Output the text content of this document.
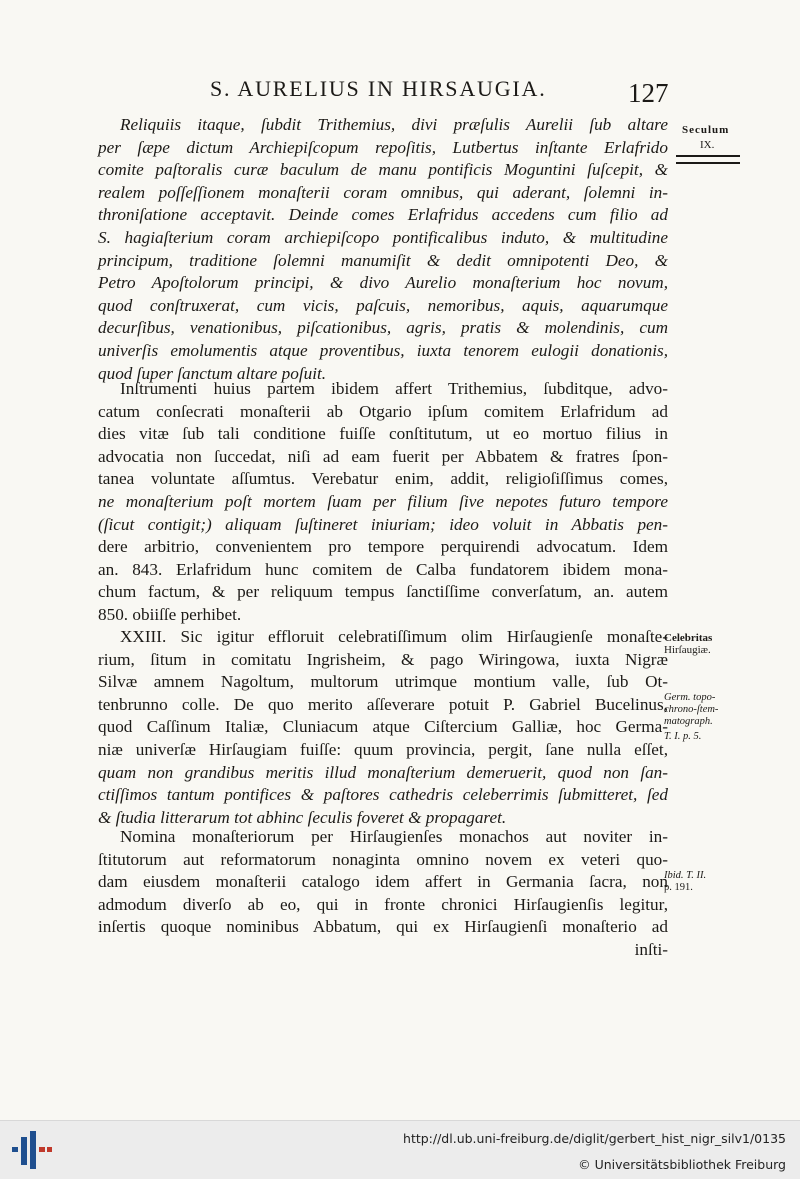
S. AURELIUS IN HIRSAUGIA.	127
Seculum
IX.
Celebritas
Hirſaugiæ.
Germ. topo-
chrono-ſtem-
matograph.
T. I. p. 5.
Ibid. T. II.
p. 191.
Reliquiis itaque, ſubdit Trithemius, divi præſulis Aurelii ſub altare
per ſæpe dictum Archiepiſcopum repoſitis, Lutbertus inſtante Erlafrido
comite paſtoralis curæ baculum de manu pontificis Moguntini ſuſcepit, &
realem poſſeſſionem monaſterii coram omnibus, qui aderant, ſolemni in-
throniſatione acceptavit. Deinde comes Erlafridus accedens cum filio ad
S. hagiaſterium coram archiepiſcopo pontificalibus induto, & multitudine
principum, traditione ſolemni manumiſit & dedit omnipotenti Deo, &
Petro Apoſtolorum principi, & divo Aurelio monaſterium hoc novum,
quod conſtruxerat, cum vicis, paſcuis, nemoribus, aquis, aquarumque
decurſibus, venationibus, piſcationibus, agris, pratis & molendinis, cum
univerſis emolumentis atque proventibus, iuxta tenorem eulogii donationis,
quod ſuper ſanctum altare poſuit.
Inſtrumenti huius partem ibidem affert Trithemius, ſubditque, advo-
catum conſecrati monaſterii ab Otgario ipſum comitem Erlafridum ad
dies vitæ ſub tali conditione fuiſſe conſtitutum, ut eo mortuo filius in
advocatia non ſuccedat, niſi ad eam fuerit per Abbatem & fratres ſpon-
tanea voluntate aſſumtus. Verebatur enim, addit, religioſiſſimus comes,
ne monaſterium poſt mortem ſuam per filium ſive nepotes futuro tempore
(ſicut contigit;) aliquam ſuſtineret iniuriam; ideo voluit in Abbatis pen-
dere arbitrio, convenientem pro tempore perquirendi advocatum. Idem
an. 843. Erlafridum hunc comitem de Calba fundatorem ibidem mona-
chum factum, & per reliquum tempus ſanctiſſime converſatum, an. autem
850. obiiſſe perhibet.
XXIII. Sic igitur effloruit celebratiſſimum olim Hirſaugienſe monaſte-
rium, ſitum in comitatu Ingrisheim, & pago Wiringowa, iuxta Nigræ
Silvæ amnem Nagoltum, multorum utrimque montium valle, ſub Ot-
tenbrunno colle. De quo merito aſſeverare potuit P. Gabriel Bucelinus,
quod Caſſinum Italiæ, Cluniacum atque Ciſtercium Galliæ, hoc Germa-
niæ univerſæ Hirſaugiam fuiſſe: quum provincia, pergit, ſane nulla eſſet,
quam non grandibus meritis illud monaſterium demeruerit, quod non ſan-
ctiſſimos tantum pontifices & paſtores cathedris celeberrimis ſubmitteret, ſed
& ſtudia litterarum tot abhinc ſeculis foveret & propagaret.
Nomina monaſteriorum per Hirſaugienſes monachos aut noviter in-
ſtitutorum aut reformatorum nonaginta omnino novem ex veteri quo-
dam eiusdem monaſterii catalogo idem affert in Germania ſacra, non
admodum diverſo ab eo, qui in fronte chronici Hirſaugienſis legitur,
inſertis quoque nominibus Abbatum, qui ex Hirſaugienſi monaſterio ad
inſti-
http://dl.ub.uni-freiburg.de/diglit/gerbert_hist_nigr_silv1/0135
© Universitätsbibliothek Freiburg
